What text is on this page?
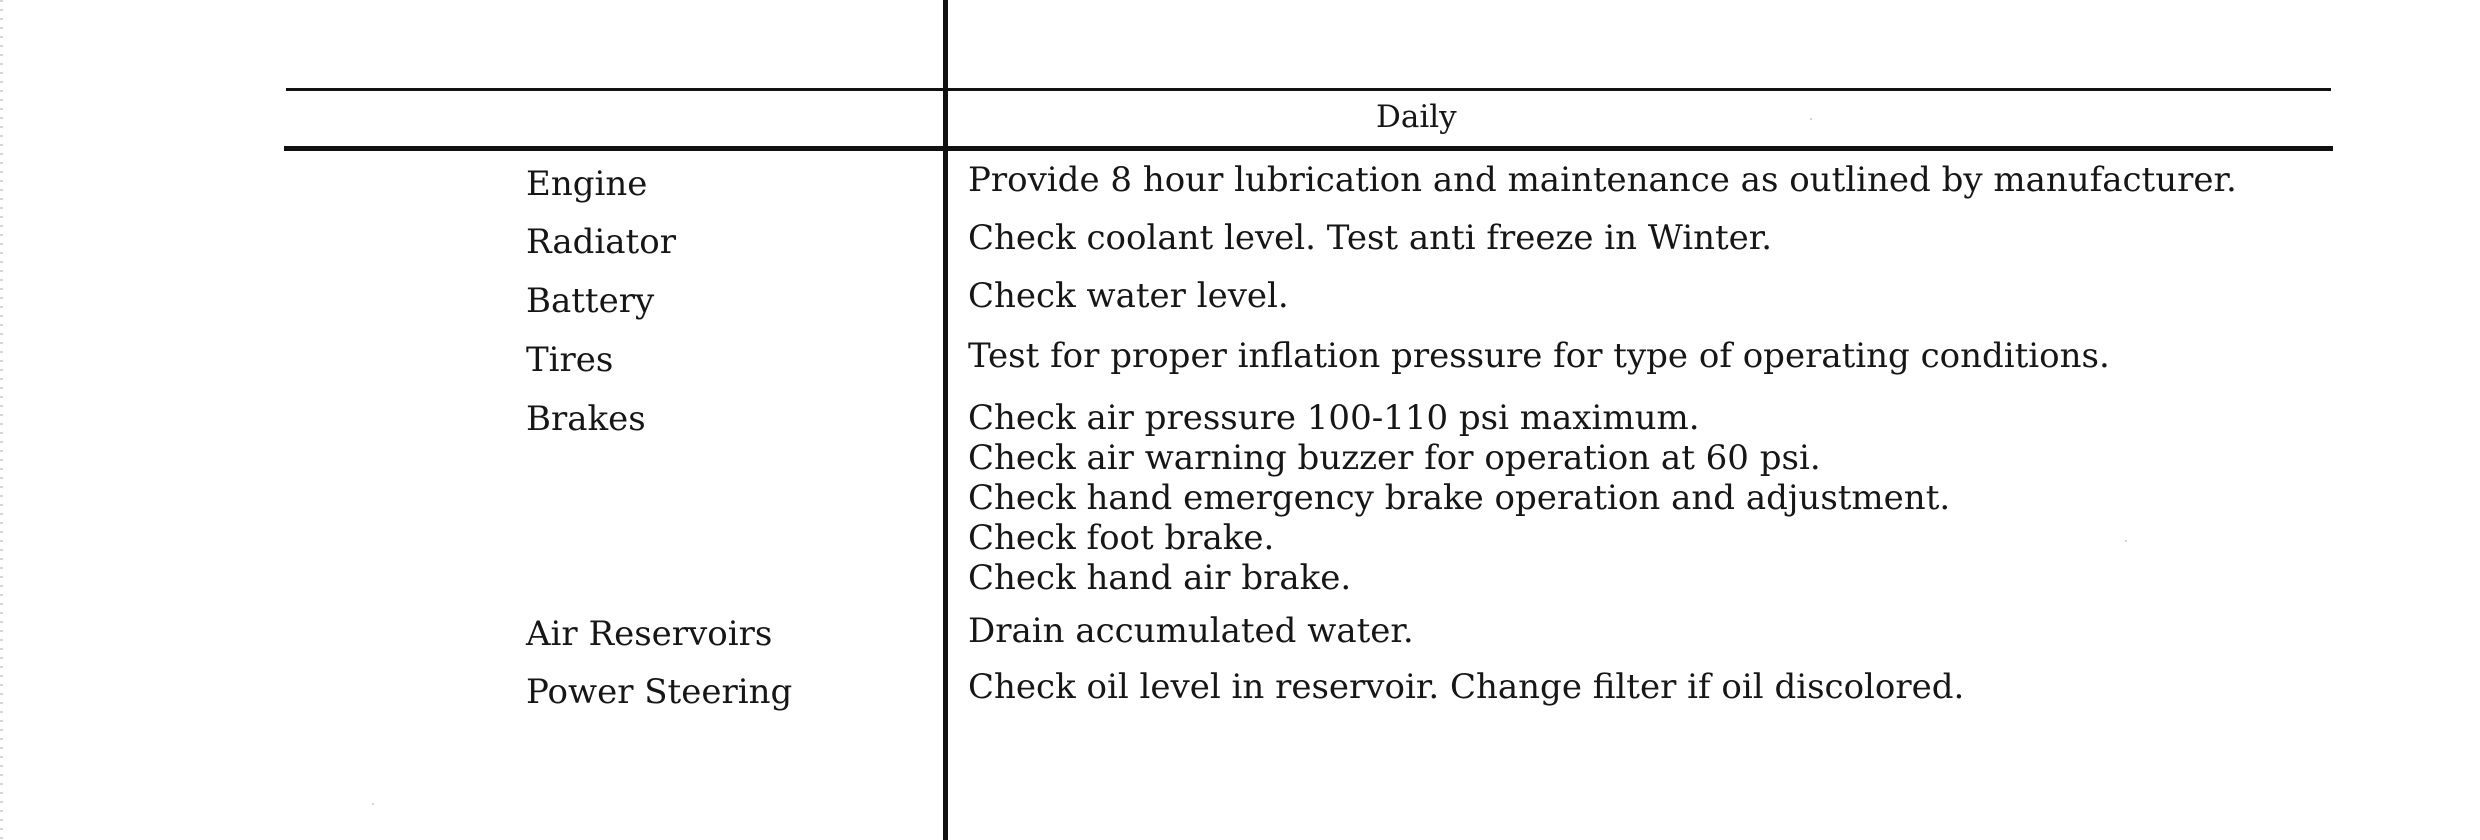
Daily
Engine	Provide 8 hour lubrication and maintenance as outlined by manufacturer.
Radiator	Check coolant level. Test anti freeze in Winter.
Battery	Check water level.
Tires	Test for proper inflation pressure for type of operating conditions.
Brakes	Check air pressure 100-110 psi maximum.
Check air warning buzzer for operation at 60 psi.
Check hand emergency brake operation and adjustment.
Check foot brake.
Check hand air brake.
Air Reservoirs	Drain accumulated water.
Power Steering	Check oil level in reservoir. Change filter if oil discolored.
